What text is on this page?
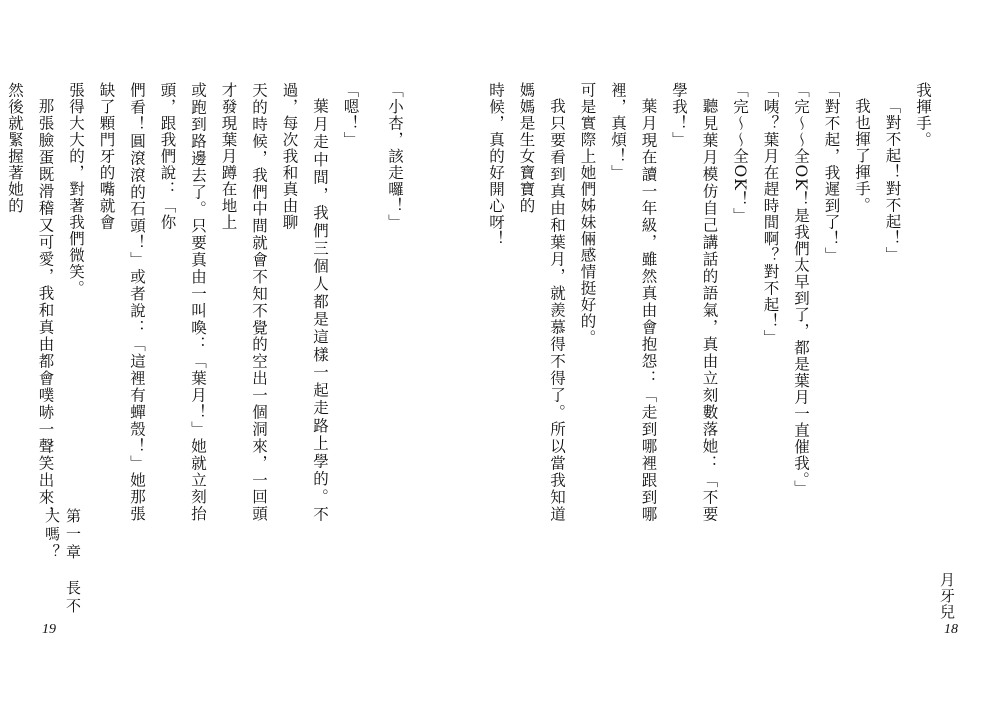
「小杏，該走囉！」

「嗯！」

葉月走中間，我們三個人都是這樣一起走路上學的。不過，每次我和真由聊

天的時候，我們中間就會不知不覺的空出一個洞來，一回頭才發現葉月蹲在地上

或跑到路邊去了。只要真由一叫喚：「葉月！」她就立刻抬頭，跟我們說：「你

們看！圓滾滾的石頭！」或者說：「這裡有蟬殼！」她那張缺了顆門牙的嘴就會

張得大大的，對著我們微笑。

那張臉蛋既滑稽又可愛，我和真由都會噗哧一聲笑出來，然後就緊握著她的

第一章　長不大嗎？
19

我揮手。

「對不起！對不起！」

我也揮了揮手。

「對不起，我遲到了！」

「完～～全OK！是我們太早到了，都是葉月一直催我。」

「咦？葉月在趕時間啊？對不起！」

「完～～全OK！」

聽見葉月模仿自己講話的語氣，真由立刻數落她：「不要學我！」

葉月現在讀一年級，雖然真由會抱怨：「走到哪裡跟到哪裡，真煩！」

可是實際上她們姊妹倆感情挺好的。

我只要看到真由和葉月，就羨慕得不得了。所以當我知道媽媽是生女寶寶的

時候，真的好開心呀！

月牙兒
18
